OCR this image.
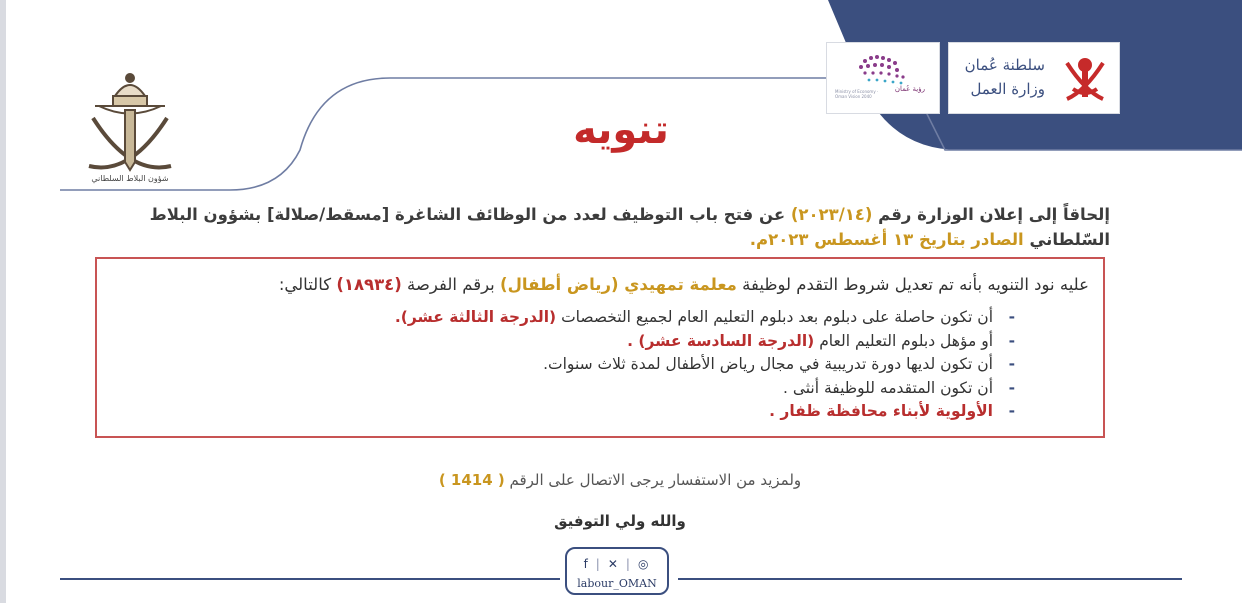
سلطنة عُمان
وزارة العمل
رؤية عُمان
Ministry of Economy · Oman Vision 2040
شؤون البلاط السلطاني
تنويه
إلحاقاً إلى إعلان الوزارة رقم (٢٠٢٣/١٤) عن فتح باب التوظيف لعدد من الوظائف الشاغرة [مسقط/صلالة] بشؤون البلاط السّلطاني الصادر بتاريخ ١٣ أغسطس ٢٠٢٣م.
عليه نود التنويه بأنه تم تعديل شروط التقدم لوظيفة معلمة تمهيدي (رياض أطفال) برقم الفرصة (١٨٩٣٤) كالتالي:
-
أن تكون حاصلة على دبلوم بعد دبلوم التعليم العام لجميع التخصصات (الدرجة الثالثة عشر).
-
أو مؤهل دبلوم التعليم العام (الدرجة السادسة عشر) .
-
أن تكون لديها دورة تدريبية في مجال رياض الأطفال لمدة ثلاث سنوات.
-
أن تكون المتقدمه للوظيفة أنثى .
-
الأولوية لأبناء محافظة ظفار .
ولمزيد من الاستفسار يرجى الاتصال على الرقم ( 1414 )
والله ولي التوفيق
f | ✕ | ◎
labour_OMAN
